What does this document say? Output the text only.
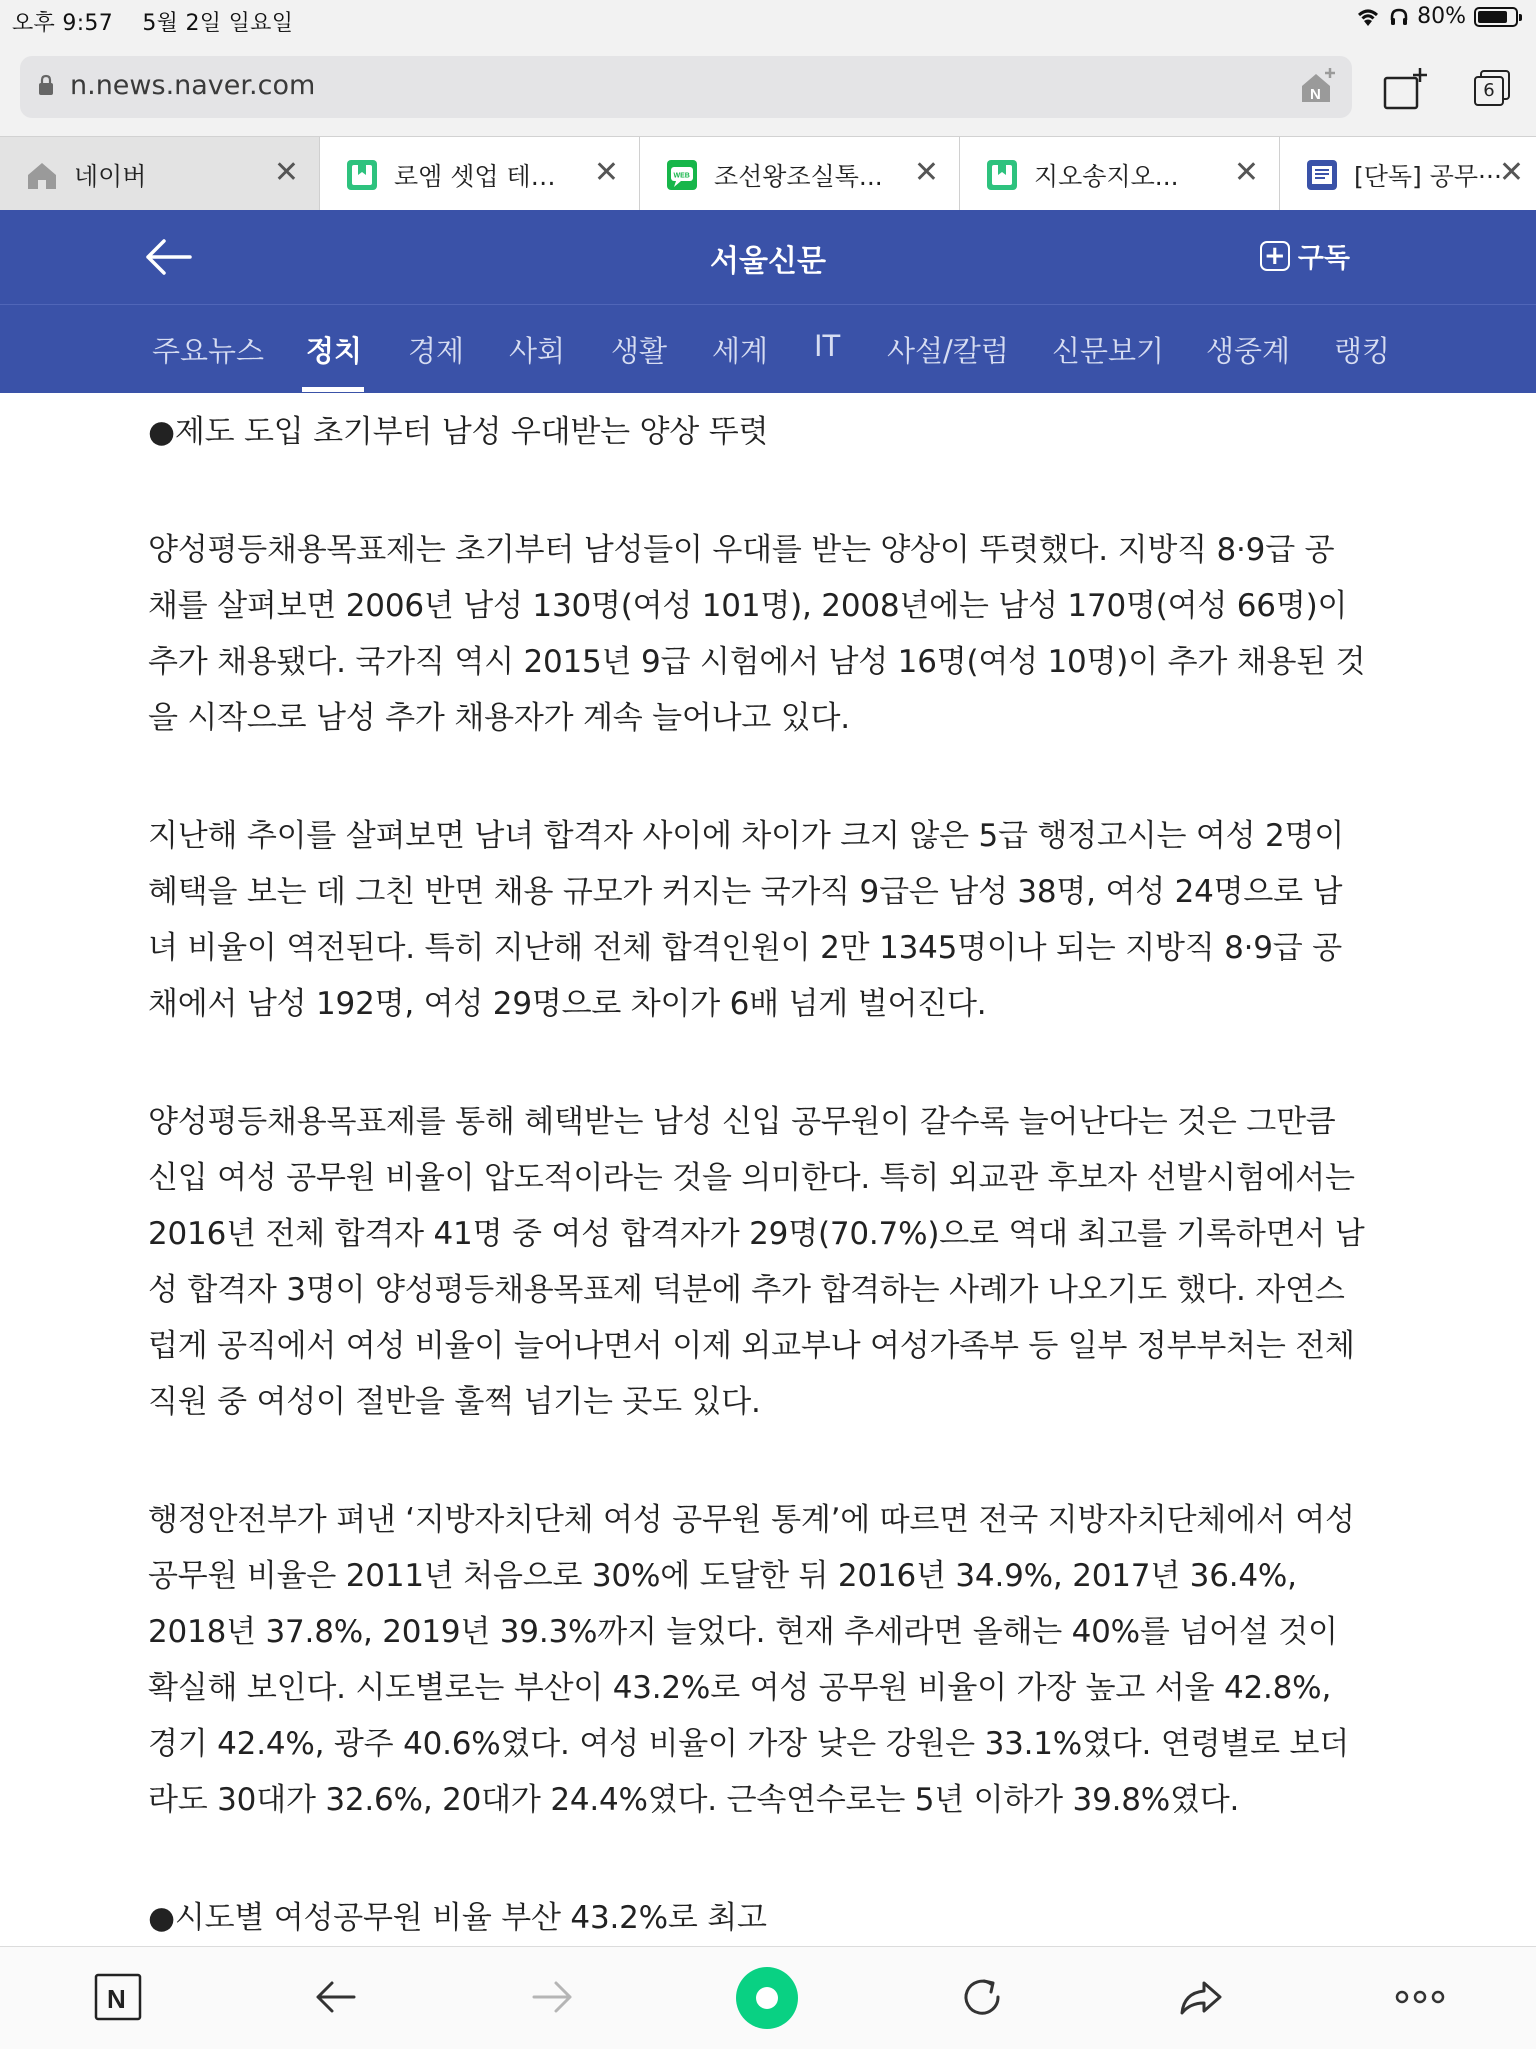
오후 9:57 5월 2일 일요일	80%
n.news.naver.com	N	6
네이버	✕	로엠 셋업 테… ✕	WEB 조선왕조실톡... ✕	지오송지오... ✕	[단독] 공무···
✕
서울신문	+ 구독
주요뉴스 정치 경제 사회 생활 세계 IT 사설/칼럼 신문보기 생중계 랭킹

●제도 도입 초기부터 남성 우대받는 양상 뚜렷

양성평등채용목표제는 초기부터 남성들이 우대를 받는 양상이 뚜렷했다. 지방직 8·9급 공

채를 살펴보면 2006년 남성 130명(여성 101명), 2008년에는 남성 170명(여성 66명)이

추가 채용됐다. 국가직 역시 2015년 9급 시험에서 남성 16명(여성 10명)이 추가 채용된 것

을 시작으로 남성 추가 채용자가 계속 늘어나고 있다.

지난해 추이를 살펴보면 남녀 합격자 사이에 차이가 크지 않은 5급 행정고시는 여성 2명이

혜택을 보는 데 그친 반면 채용 규모가 커지는 국가직 9급은 남성 38명, 여성 24명으로 남

녀 비율이 역전된다. 특히 지난해 전체 합격인원이 2만 1345명이나 되는 지방직 8·9급 공

채에서 남성 192명, 여성 29명으로 차이가 6배 넘게 벌어진다.

양성평등채용목표제를 통해 혜택받는 남성 신입 공무원이 갈수록 늘어난다는 것은 그만큼

신입 여성 공무원 비율이 압도적이라는 것을 의미한다. 특히 외교관 후보자 선발시험에서는

2016년 전체 합격자 41명 중 여성 합격자가 29명(70.7%)으로 역대 최고를 기록하면서 남

성 합격자 3명이 양성평등채용목표제 덕분에 추가 합격하는 사례가 나오기도 했다. 자연스

럽게 공직에서 여성 비율이 늘어나면서 이제 외교부나 여성가족부 등 일부 정부부처는 전체

직원 중 여성이 절반을 훌쩍 넘기는 곳도 있다.

행정안전부가 펴낸 ‘지방자치단체 여성 공무원 통계’에 따르면 전국 지방자치단체에서 여성

공무원 비율은 2011년 처음으로 30%에 도달한 뒤 2016년 34.9%, 2017년 36.4%,

2018년 37.8%, 2019년 39.3%까지 늘었다. 현재 추세라면 올해는 40%를 넘어설 것이

확실해 보인다. 시도별로는 부산이 43.2%로 여성 공무원 비율이 가장 높고 서울 42.8%,

경기 42.4%, 광주 40.6%였다. 여성 비율이 가장 낮은 강원은 33.1%였다. 연령별로 보더

라도 30대가 32.6%, 20대가 24.4%였다. 근속연수로는 5년 이하가 39.8%였다.

●시도별 여성공무원 비율 부산 43.2%로 최고

N
